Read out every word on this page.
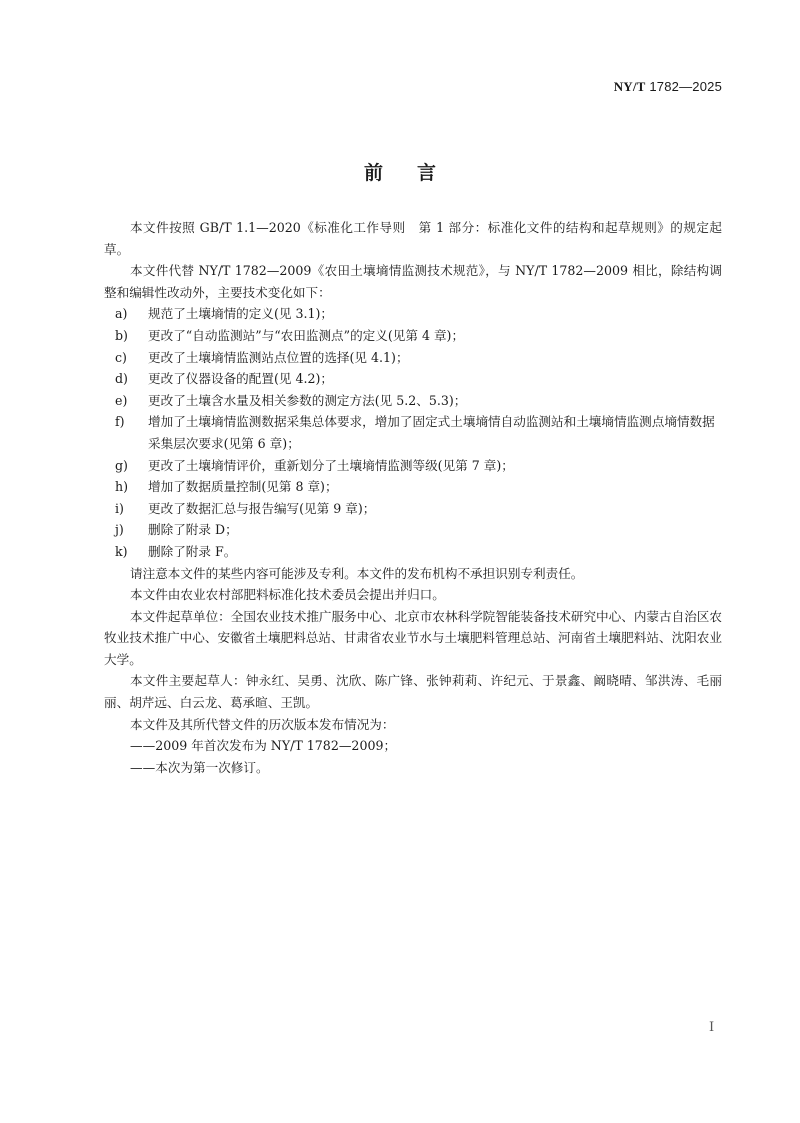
NY/T 1782—2025
前 言

本文件按照 GB/T 1.1—2020《标准化工作导则　第 1 部分：标准化文件的结构和起草规则》的规定起草。

本文件代替 NY/T 1782—2009《农田土壤墒情监测技术规范》，与 NY/T 1782—2009 相比，除结构调整和编辑性改动外，主要技术变化如下：

a) 规范了土壤墒情的定义(见 3.1)；

b) 更改了“自动监测站”与“农田监测点”的定义(见第 4 章)；

c) 更改了土壤墒情监测站点位置的选择(见 4.1)；

d) 更改了仪器设备的配置(见 4.2)；

e) 更改了土壤含水量及相关参数的测定方法(见 5.2、5.3)；

f) 增加了土壤墒情监测数据采集总体要求，增加了固定式土壤墒情自动监测站和土壤墒情监测点墒情数据采集层次要求(见第 6 章)；

g) 更改了土壤墒情评价，重新划分了土壤墒情监测等级(见第 7 章)；

h) 增加了数据质量控制(见第 8 章)；

i) 更改了数据汇总与报告编写(见第 9 章)；

j) 删除了附录 D；

k) 删除了附录 F。

请注意本文件的某些内容可能涉及专利。本文件的发布机构不承担识别专利责任。

本文件由农业农村部肥料标准化技术委员会提出并归口。

本文件起草单位：全国农业技术推广服务中心、北京市农林科学院智能装备技术研究中心、内蒙古自治区农牧业技术推广中心、安徽省土壤肥料总站、甘肃省农业节水与土壤肥料管理总站、河南省土壤肥料站、沈阳农业大学。

本文件主要起草人：钟永红、吴勇、沈欣、陈广锋、张钟莉莉、许纪元、于景鑫、阚晓晴、邹洪涛、毛丽丽、胡芹远、白云龙、葛承暄、王凯。

本文件及其所代替文件的历次版本发布情况为：

——2009 年首次发布为 NY/T 1782—2009；

——本次为第一次修订。

I
